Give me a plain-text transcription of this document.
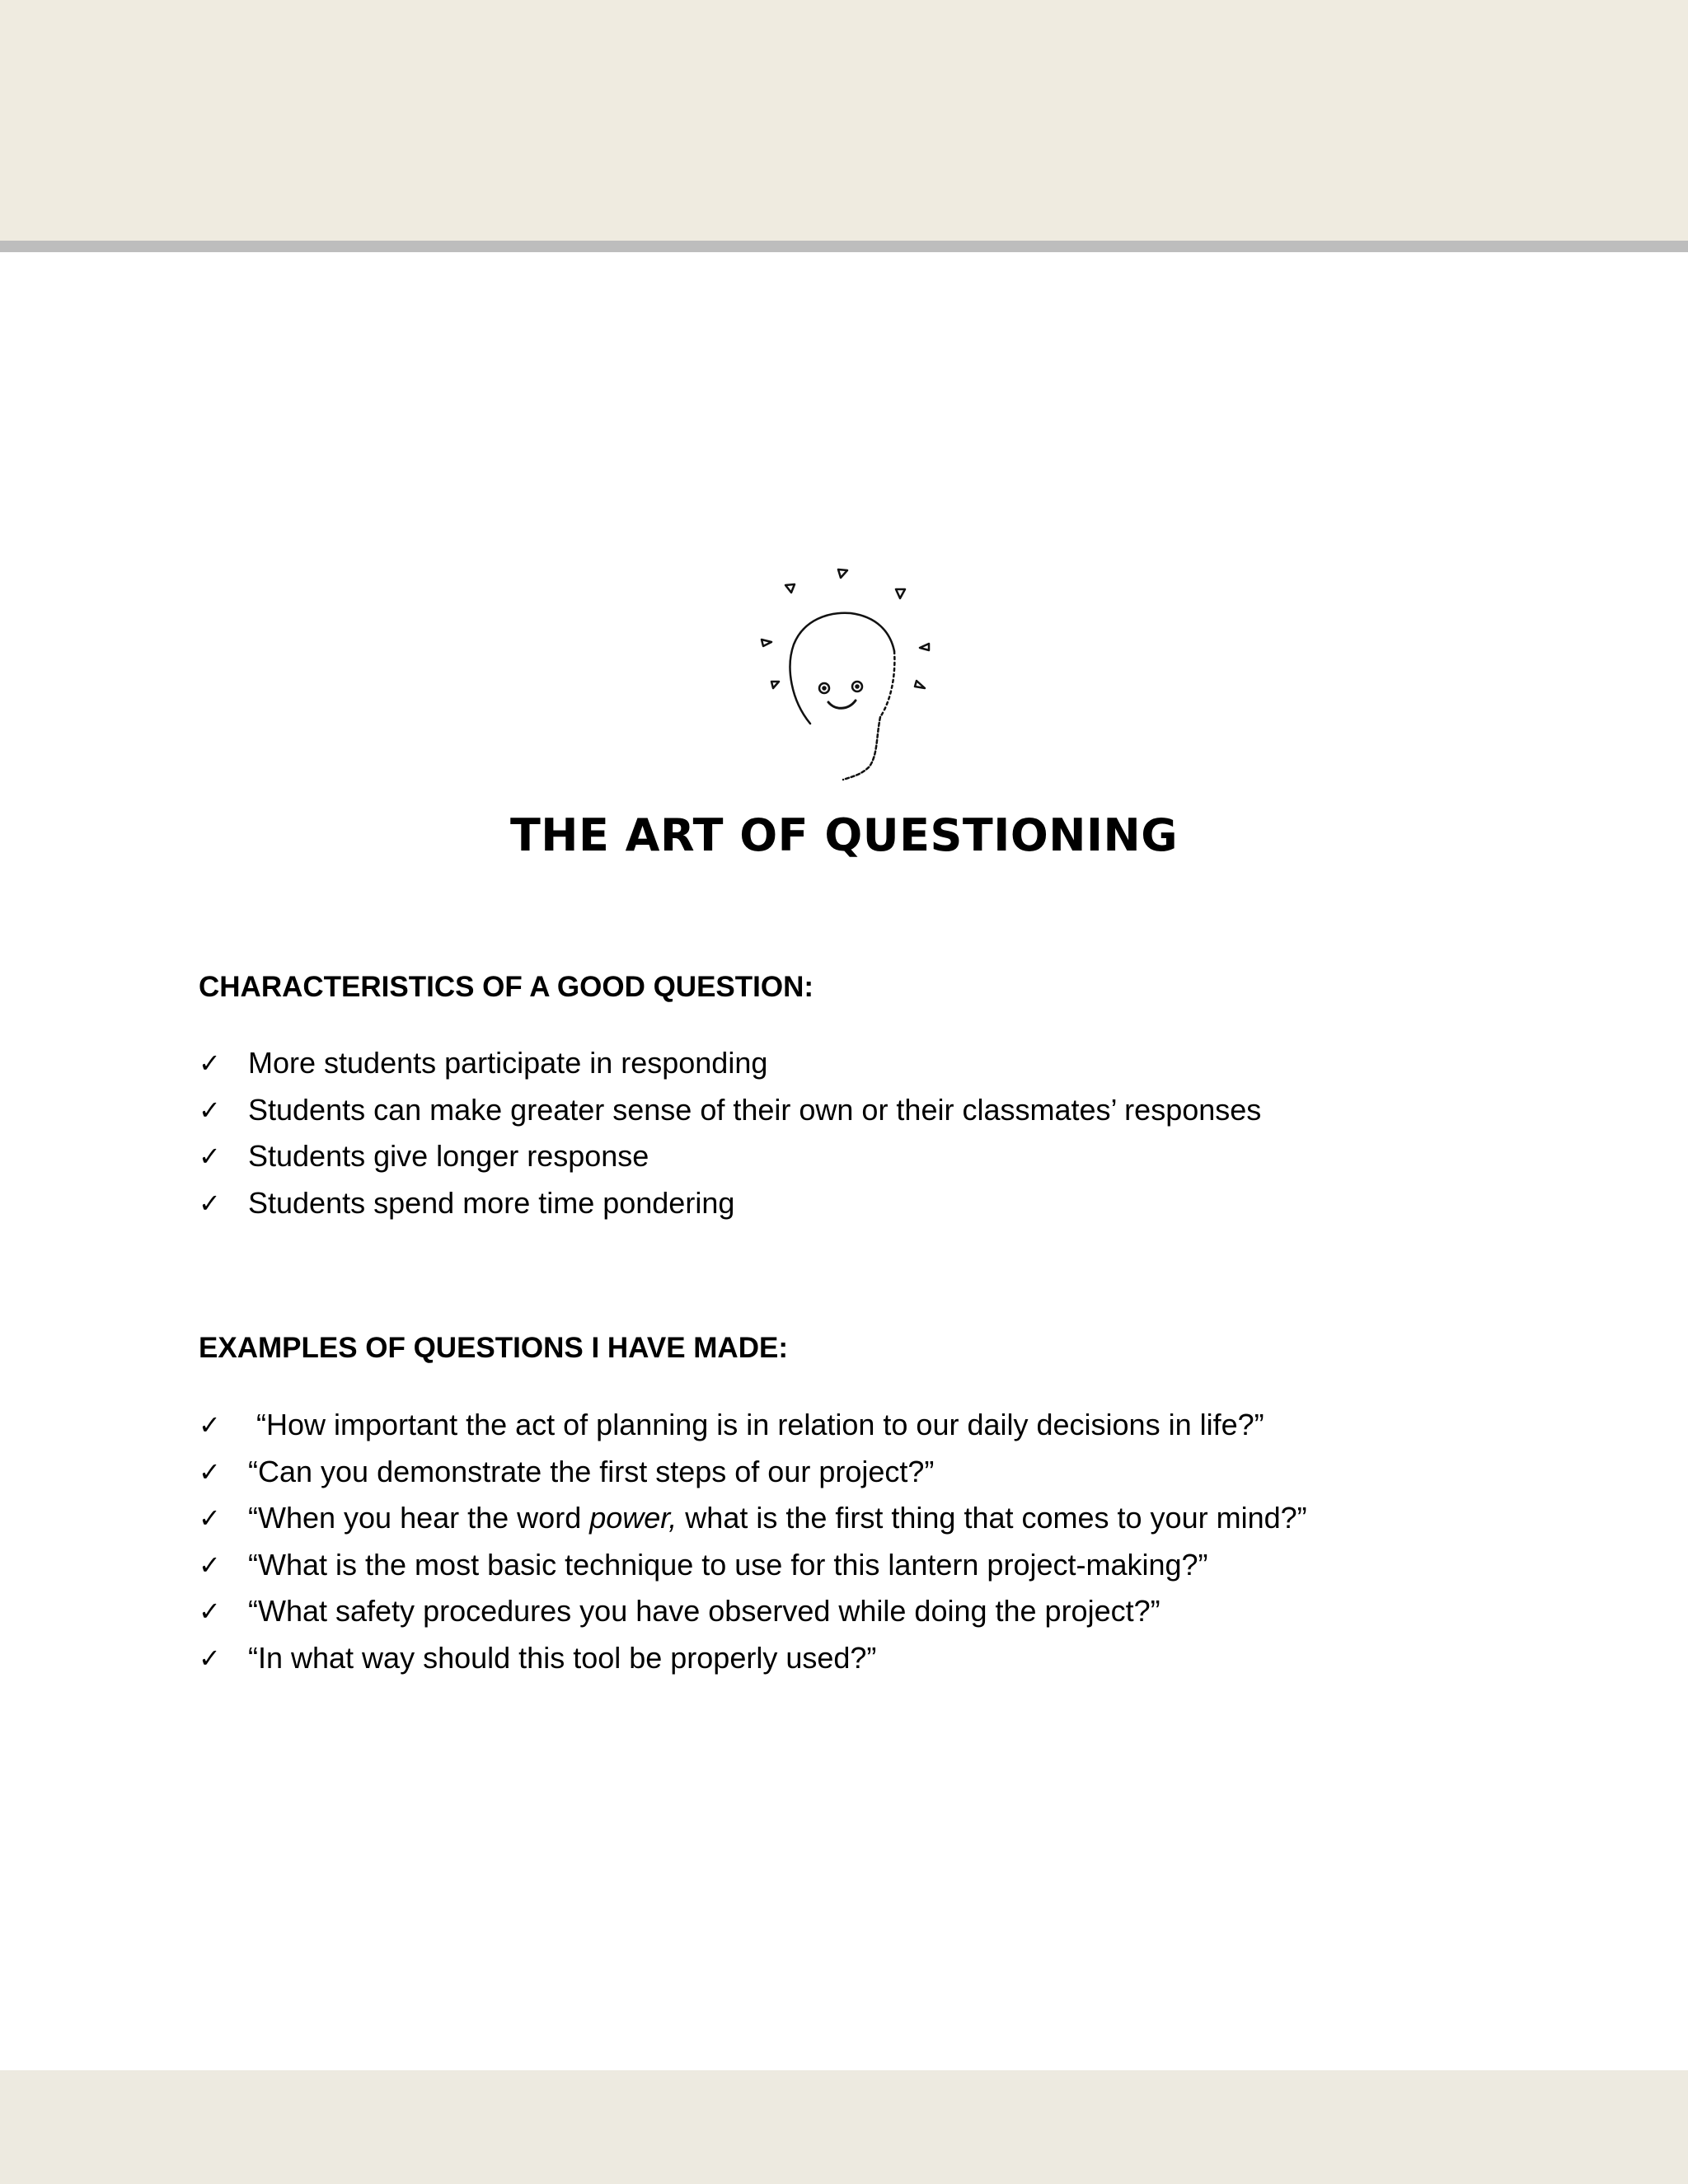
THE ART OF QUESTIONING
CHARACTERISTICS OF A GOOD QUESTION:
✓ More students participate in responding
✓ Students can make greater sense of their own or their classmates’ responses
✓ Students give longer response
✓ Students spend more time pondering
EXAMPLES OF QUESTIONS I HAVE MADE:
✓ “How important the act of planning is in relation to our daily decisions in life?”
✓ “Can you demonstrate the first steps of our project?”
✓ “When you hear the word power, what is the first thing that comes to your mind?”
✓ “What is the most basic technique to use for this lantern project-making?”
✓ “What safety procedures you have observed while doing the project?”
✓ “In what way should this tool be properly used?”
